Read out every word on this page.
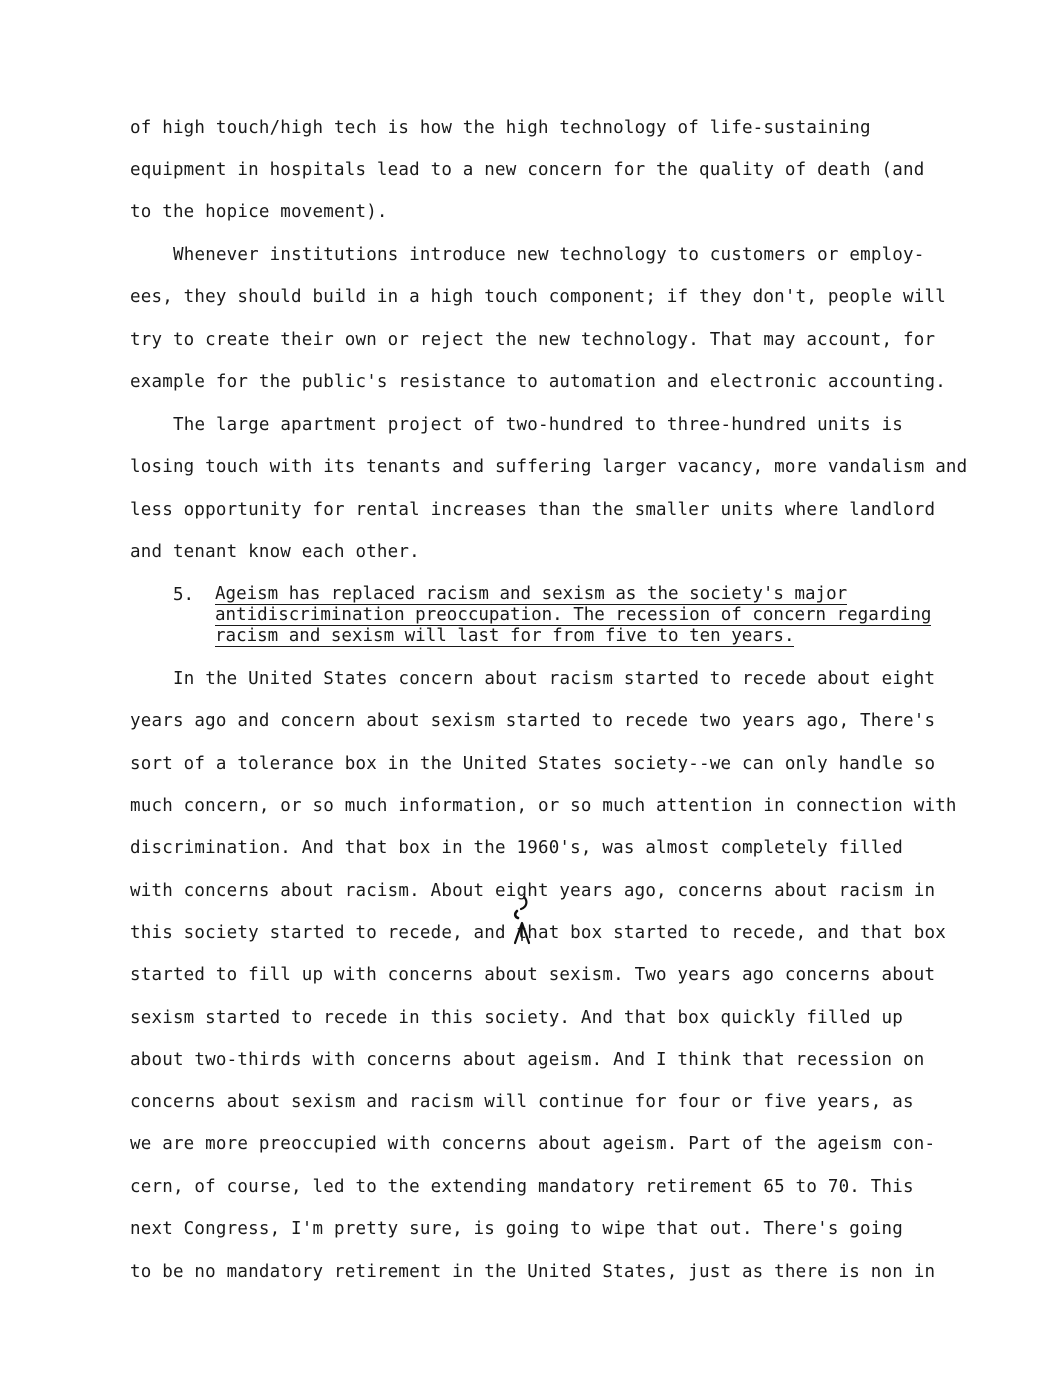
of high touch/high tech is how the high technology of life-sustaining
equipment in hospitals lead to a new concern for the quality of death (and
to the hopice movement).
Whenever institutions introduce new technology to customers or employ-
ees, they should build in a high touch component; if they don't, people will
try to create their own or reject the new technology. That may account, for
example for the public's resistance to automation and electronic accounting.
The large apartment project of two-hundred to three-hundred units is
losing touch with its tenants and suffering larger vacancy, more vandalism and
less opportunity for rental increases than the smaller units where landlord
and tenant know each other.
5. Ageism has replaced racism and sexism as the society's major
antidiscrimination preoccupation. The recession of concern regarding
racism and sexism will last for from five to ten years.
In the United States concern about racism started to recede about eight
years ago and concern about sexism started to recede two years ago, There's
sort of a tolerance box in the United States society--we can only handle so
much concern, or so much information, or so much attention in connection with
discrimination. And that box in the 1960's, was almost completely filled
with concerns about racism. About eight years ago, concerns about racism in
this society started to recede, and that box started to recede, and that box
started to fill up with concerns about sexism. Two years ago concerns about
sexism started to recede in this society. And that box quickly filled up
about two-thirds with concerns about ageism. And I think that recession on
concerns about sexism and racism will continue for four or five years, as
we are more preoccupied with concerns about ageism. Part of the ageism con-
cern, of course, led to the extending mandatory retirement 65 to 70. This
next Congress, I'm pretty sure, is going to wipe that out. There's going
to be no mandatory retirement in the United States, just as there is non in
